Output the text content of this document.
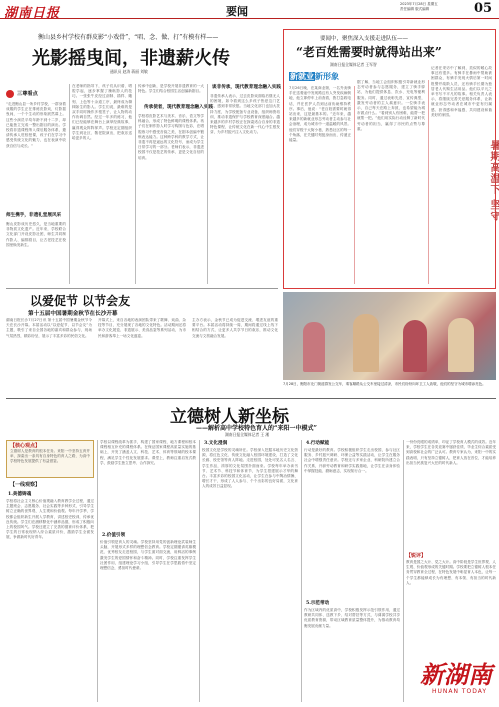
湖南日报	要闻
2023年7月28日 星期五
责任编辑 版式编辑	05
衡山县乡村学校有群皮影“小戏骨”，“唱、念、做、打”有模有样——
光影摇曳间，非遗薪火传
通讯员 赵涛 蒋丽 刘敏
三尊看点
“走进衡山县一所乡村学校，一群身着戏服的学生正在排练皮影戏，灯影摇曳间，一个个生动的形象跃然幕上。这些小演员平均年龄不到十二岁，却已能独立完成一整出剧目的演出。学校将非遗课程纳入课后服务体系，邀请传承人驻校授课，孩子们在学习中感受传统文化的魅力，也在表演中收获自信与成长。”
师生携手，非遗礼堂展风采
衡山皮影戏历史悠久，是当地重要的非物质文化遗产。近年来，学校联合文化部门开设皮影社团，师生共同制作影人、编排剧目，让古老技艺在校园里焕发新生。
在老师的指导下，孩子们从识谱、唱腔学起，逐步掌握了操纵影人的技巧。一张张牛皮经过刮制、描样、雕刻、上色等十余道工序，最终成为栩栩如生的影人。学生们说，最难的是双手同时操作多根签子，让人物的动作协调自然。经过一年多的练习，他们已经能够在舞台上演绎经典故事，赢得观众阵阵掌声。学校还定期组织学生到社区、敬老院演出，把欢乐送给更多的人。
传承中创新，是学校开展非遗教育的一大特色。学生们结合校园生活创编新剧目。
传承使者，现代教育理念融入实践
学校将皮影艺术与美术、音乐、语文等学科融合，形成了特色鲜明的课程体系。孩子们在制作影人时学习构图与色彩，在唱腔练习中感受音韵之美，在剧本创编中锻炼表达能力。这种跨学科的教学方式，让非遗不再是遥远的文化符号，而成为学生日常学习的一部分。老师们表示，非遗进校园不仅是技艺的传承，更是文化自信的培育。
谈非传承，现代教育理念融入实践
非遗传承人表示，过去皮影戏面临后继无人的困境，如今看到这么多孩子热爱这门艺术，感到非常欣慰。当地文化部门也加大扶持力度，为学校配备专业设备，组织师资培训，推动非遗保护与学校教育深度融合。越来越多的乡村学校正在探索适合自身的非遗特色课程，让传统文化在新一代心中生根发芽，为乡村振兴注入文化动力。
要闻中，聚焦深入支援走进队伍——
“老百姓需要时就得站出来”
湖南日报全媒体记者 王军智
新就业新形象
7月26日晚，在某商业街，一名外卖骑手在送餐途中发现路边有人突发疾病倒地，他立即停车上前查看，拨打急救电话，并在医护人员到达前协助维持秩序。事后，他说：“老百姓需要时就得站出来，这是最基本的。”近年来，越来越多的新就业形态劳动者主动参与社会治理，成为城市中一道温暖的风景。他们穿梭于大街小巷，熟悉社区的每一个角落，在关键时刻挺身而出，传递正能量。
据了解，当地工会组织积极引导新就业形态劳动者参与志愿服务，建立了骑手驿站，为他们提供休息、饮水、充电等便利服务。同时，通过表彰先进、宣传典型，激发劳动者的主人翁意识。一位骑手表示，自己每天在路上奔波，也希望能为城市做点什么。“看到别人有困难，能帮一把就帮一把。”他们用实际行动诠释了新时代劳动者的担当，赢得了市民的点赞与尊重。
记者在采访中了解到，类似的暖心故事还有很多。有骑手在暴雨中帮助被困群众，有骑手发现火情后第一时间报警并疏散人员，还有骑手长期为独居老人代购生活用品。他们以平凡之举书写不平凡的故事。相关负责人表示，将继续完善关爱服务体系，让新就业形态劳动者在城市中更有归属感、获得感和幸福感，共同建设和谐美好的家园。
暑期高温下 坚守
7月28日，衡阳市北门街道群发公交车，乘客顺路从公交车里接过清凉，市民们纷纷向环卫工人致敬，他们的坚守为城市增添亮色。
以爱促节 以节会友
第十五届中国暑期金秋节在长沙开幕
湖南日报长沙7月27日讯 第十五届中国暑期金秋节今天在长沙开幕。本届活动以“以爱促节、以节会友”为主题，吸引了来自全国各地的嘉宾和群众参与，现场气氛热烈，精彩纷呈，展示了丰富多彩的民俗文化。
开幕式上，来自各地的表演团队带来了歌舞、戏曲、杂技等节目，充分展现了各地的文化特色。活动期间还将举办文化展览、非遗展示、美食品鉴等系列活动，为市民和游客奉上一场文化盛宴。
主办方表示，金秋节已成为促进交流、增进友谊的重要平台。本届活动将持续一周，期间将通过线上线下相结合的方式，让更多人共享节日的欢乐，推动文化交流与文旅融合发展。
立德树人新坐标
——解析高中学校特色育人的“来阳一中模式”
湖南日报全媒体记者 王 湘
【核心观点】
立德树人是教育的根本任务。来阳一中坚持五育并举，探索出一条具有自身特色的育人之路，为高中学校特色发展提供了有益借鉴。
【一线观察】
1.美德铸魂
学校将社会主义核心价值观融入教育教学全过程，通过主题班会、志愿服务、社会实践等多种形式，引导学生树立正确的世界观、人生观和价值观。每年开学季，学校都会组织新生开展入学教育，讲述校史校训，传承优良传统。学生们在潜移默化中涵养品德，形成了积极向上的校园风气。学校还建立了完善的德育评价体系，把学生的日常表现纳入综合素质评价，激励学生全面发展，争做新时代好青年。
学校以课程改革为抓手，构建了国家课程、地方课程和校本课程相互补充的课程体系。在保证国家课程高质量实施的基础上，开发了涵盖人文、科技、艺术、体育等领域的校本课程，满足学生个性化发展需求。课堂上，教师注重启发式教学，鼓励学生独立思考、合作探究。
2.价值引领
价值引领是育人的灵魂。学校坚持用党的创新理论武装师生头脑，开展形式多样的理想信念教育。学校定期邀请英雄模范、优秀校友走进校园，与学生面对面交流，用鲜活的事例激发学生的爱国情怀和奋斗精神。同时，学校注重发挥学生社团作用，组建理论学习小组，引导学生在学思践悟中坚定理想信念，勇担时代使命。
3.文化浸润
校园文化是学校的灵魂所在。学校深入挖掘本地历史文化资源，将红色文化、传统文化融入校园环境建设，打造了文化长廊、校史馆等育人阵地。走进校园，处处可见名人名言、学生作品，浓厚的文化氛围扑面而来。学校每年举办读书节、艺术节、科技节和体育节，为学生搭建展示才华的舞台。丰富多彩的校园文化活动，让学生在参与中陶冶情操、增长才干，形成了人人参与、个个出彩的良好局面，文化育人的成效日益显现。
4.行动赋能
行动是最好的教育。学校积极组织学生走出校园，参与社区服务、乡村振兴调研、环保公益等实践活动，让学生在服务社会中增强责任意识。学校还与多家企业、科研院所建立合作关系，开辟劳动教育和研学实践基地，让学生在亲身体验中掌握技能、磨砺意志，实现知行合一。
5.示范带动
作为区域内的优质高中，学校积极发挥示范引领作用，通过教研共同体、送教下乡、结对帮扶等方式，与薄弱学校共享优质教育资源，带动区域教育质量整体提升，为推动教育均衡发展贡献力量。
一份份亮眼的成绩单，印证了学校育人模式的成效。近年来，学校学生在各类竞赛中屡获佳绩，毕业生综合素质受到高校和社会的广泛认可。教育专家认为，来阳一中的实践表明，只有坚持立德树人，把育人放在首位，才能培养出担当民族复兴大任的时代新人。
【锐评】
教育是国之大计、党之大计。高中阶段是学生世界观、人生观、价值观形成的关键时期。学校要把立德树人根本任务贯穿教育全过程，在特色发展中彰显育人本色，让每一个学生都能够成长为有理想、有本领、有担当的时代新人。
新湖南
HUNAN TODAY
